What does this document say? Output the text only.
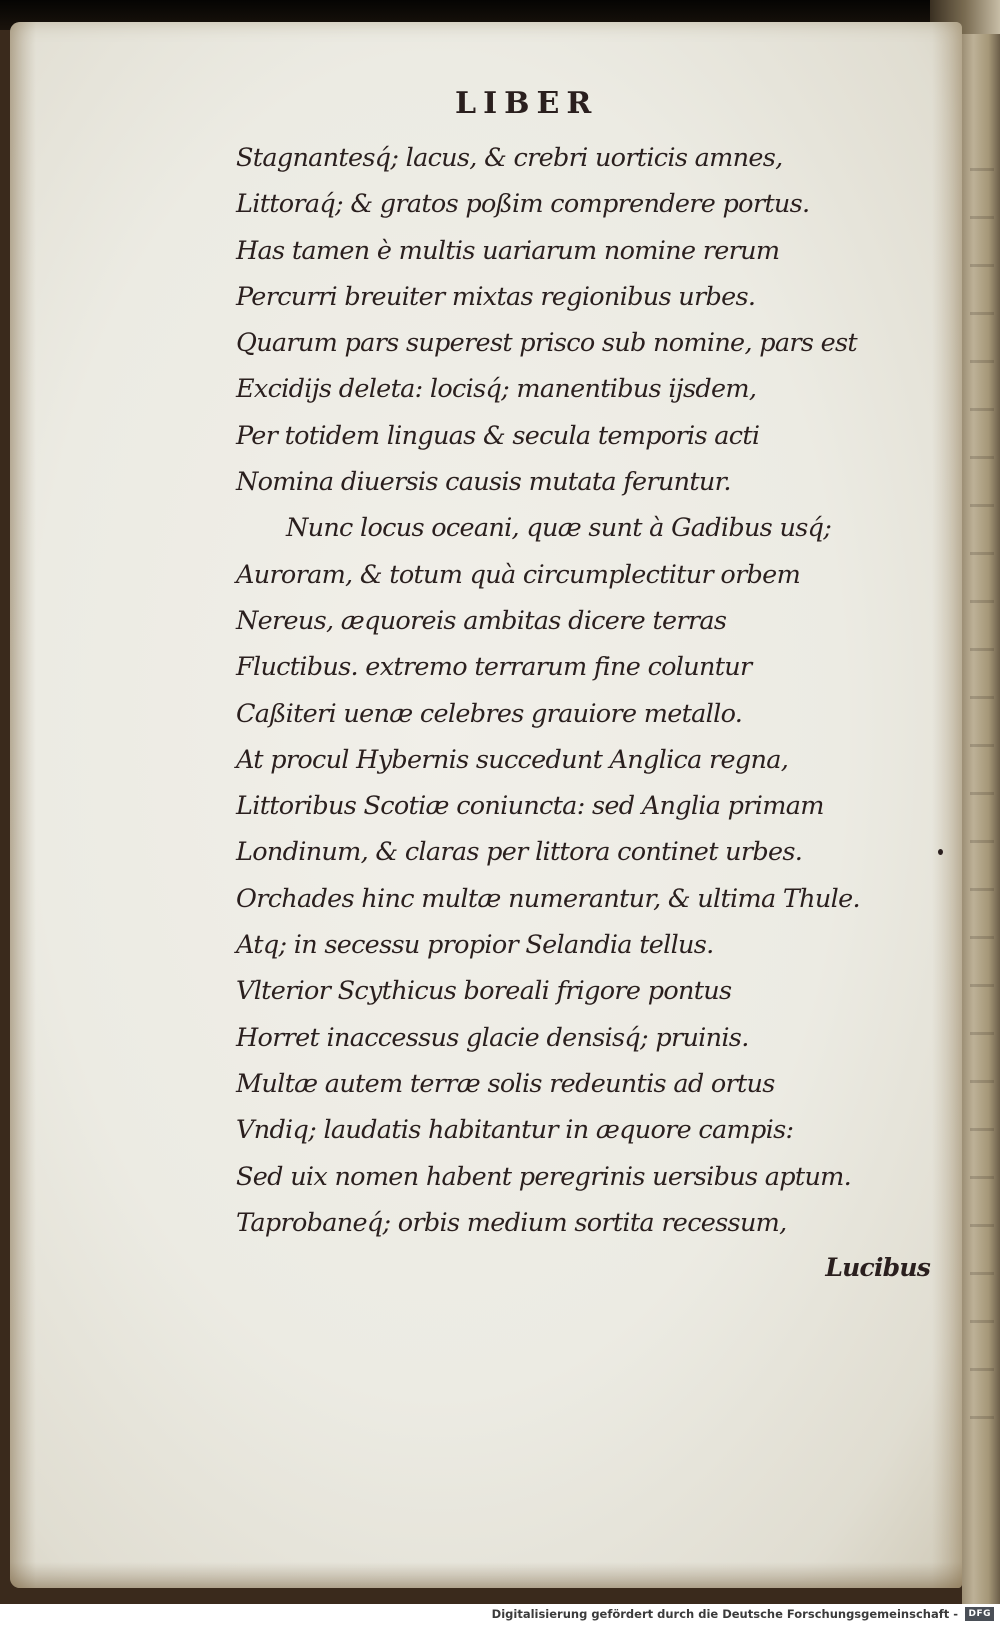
LIBER
Stagnantesq́; lacus, & crebri uorticis amnes,
Littoraq́; & gratos poßim comprendere portus.
Has tamen è multis uariarum nomine rerum
Percurri breuiter mixtas regionibus urbes.
Quarum pars superest prisco sub nomine, pars est
Excidijs deleta: locisq́; manentibus ijsdem,
Per totidem linguas & secula temporis acti
Nomina diuersis causis mutata feruntur.
Nunc locus oceani, quæ sunt à Gadibus usq́;
Auroram, & totum quà circumplectitur orbem
Nereus, æquoreis ambitas dicere terras
Fluctibus. extremo terrarum fine coluntur
Caßiteri uenæ celebres grauiore metallo.
At procul Hybernis succedunt Anglica regna,
Littoribus Scotiæ coniuncta: sed Anglia primam
Londinum, & claras per littora continet urbes.
Orchades hinc multæ numerantur, & ultima Thule.
Atq; in secessu propior Selandia tellus.
Vlterior Scythicus boreali frigore pontus
Horret inaccessus glacie densisq́; pruinis.
Multæ autem terræ solis redeuntis ad ortus
Vndiq; laudatis habitantur in æquore campis:
Sed uix nomen habent peregrinis uersibus aptum.
Taprobaneq́; orbis medium sortita recessum,

Lucibus

Digitalisierung gefördert durch die Deutsche Forschungsgemeinschaft -	DFG
